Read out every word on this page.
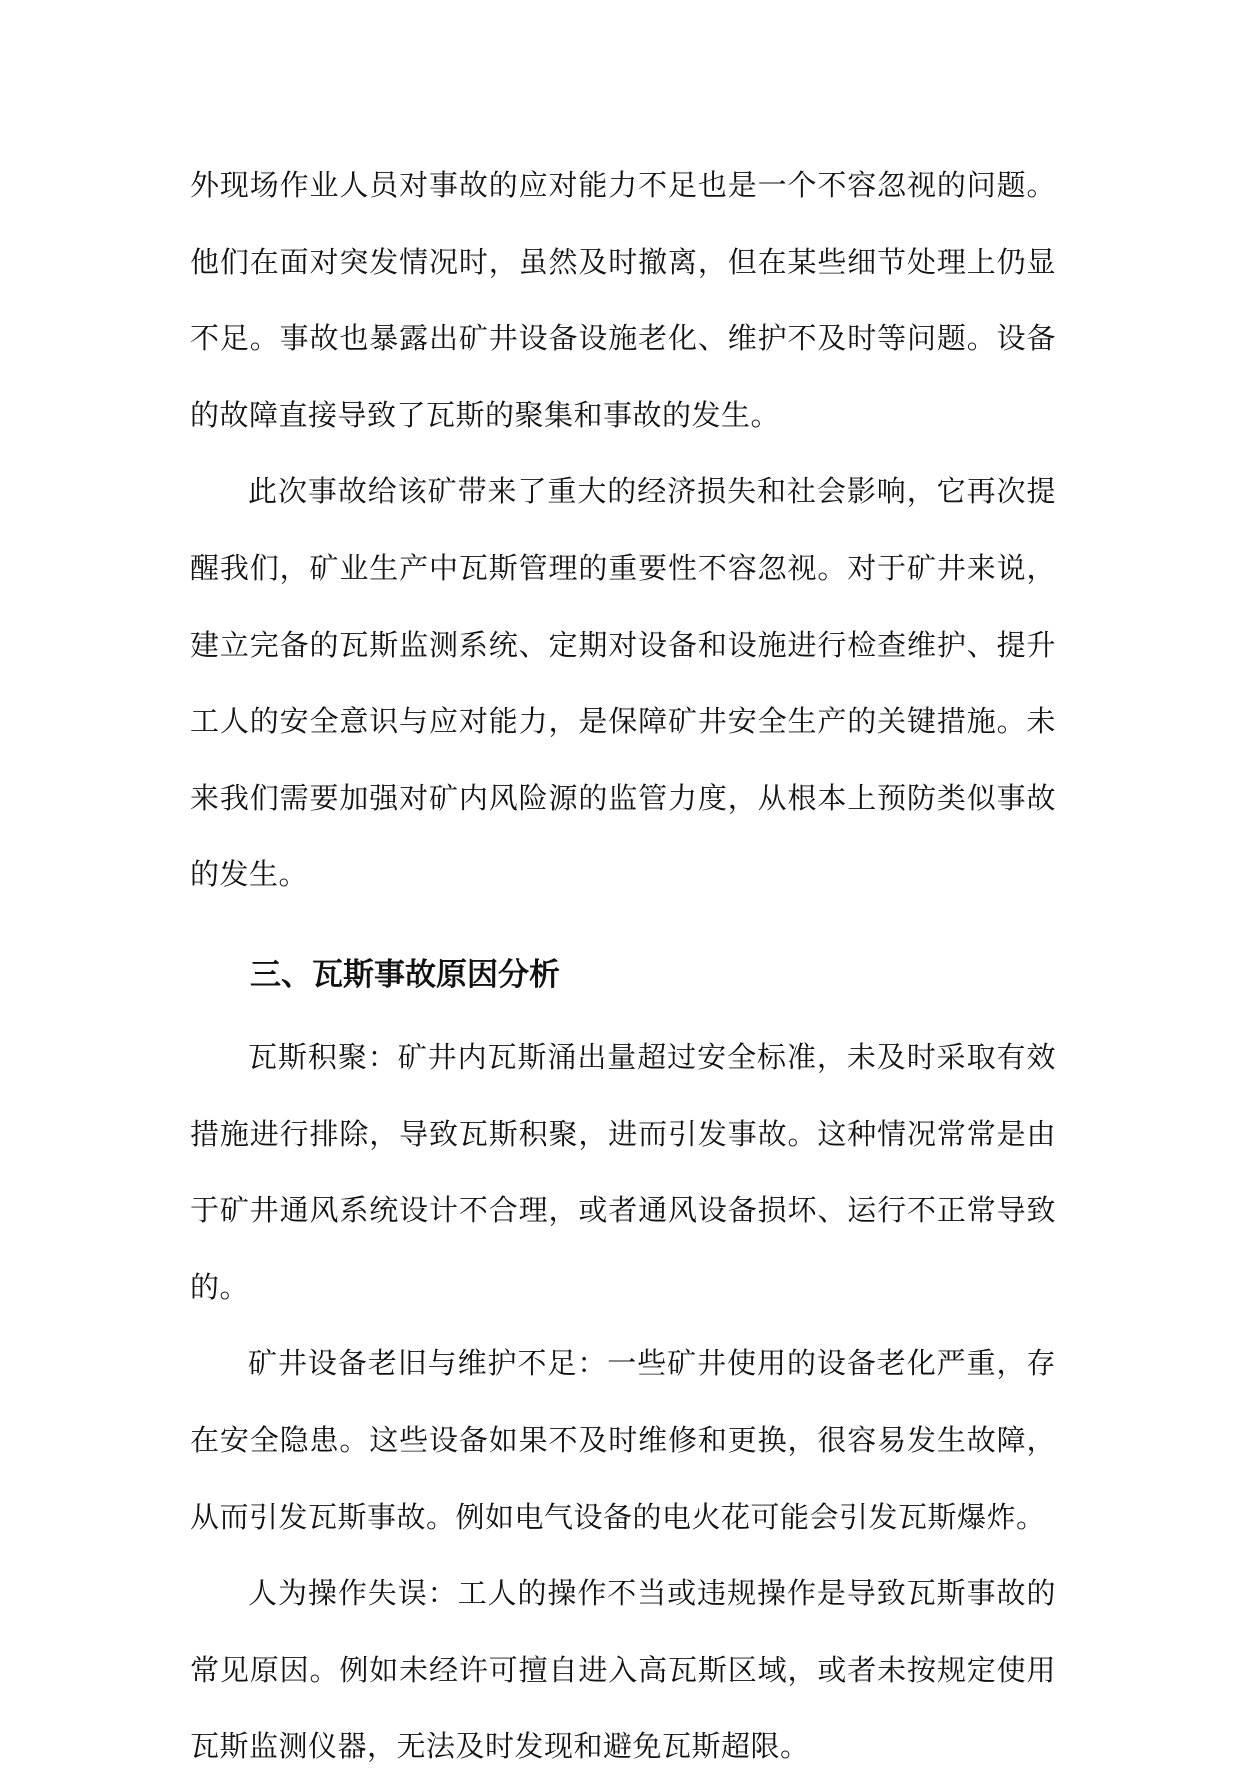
外现场作业人员对事故的应对能力不足也是一个不容忽视的问题。他们在面对突发情况时，虽然及时撤离，但在某些细节处理上仍显不足。事故也暴露出矿井设备设施老化、维护不及时等问题。设备的故障直接导致了瓦斯的聚集和事故的发生。

此次事故给该矿带来了重大的经济损失和社会影响，它再次提醒我们，矿业生产中瓦斯管理的重要性不容忽视。对于矿井来说，建立完备的瓦斯监测系统、定期对设备和设施进行检查维护、提升工人的安全意识与应对能力，是保障矿井安全生产的关键措施。未来我们需要加强对矿内风险源的监管力度，从根本上预防类似事故的发生。

三、瓦斯事故原因分析

瓦斯积聚：矿井内瓦斯涌出量超过安全标准，未及时采取有效措施进行排除，导致瓦斯积聚，进而引发事故。这种情况常常是由于矿井通风系统设计不合理，或者通风设备损坏、运行不正常导致的。

矿井设备老旧与维护不足：一些矿井使用的设备老化严重，存在安全隐患。这些设备如果不及时维修和更换，很容易发生故障，从而引发瓦斯事故。例如电气设备的电火花可能会引发瓦斯爆炸。

人为操作失误：工人的操作不当或违规操作是导致瓦斯事故的常见原因。例如未经许可擅自进入高瓦斯区域，或者未按规定使用瓦斯监测仪器，无法及时发现和避免瓦斯超限。
